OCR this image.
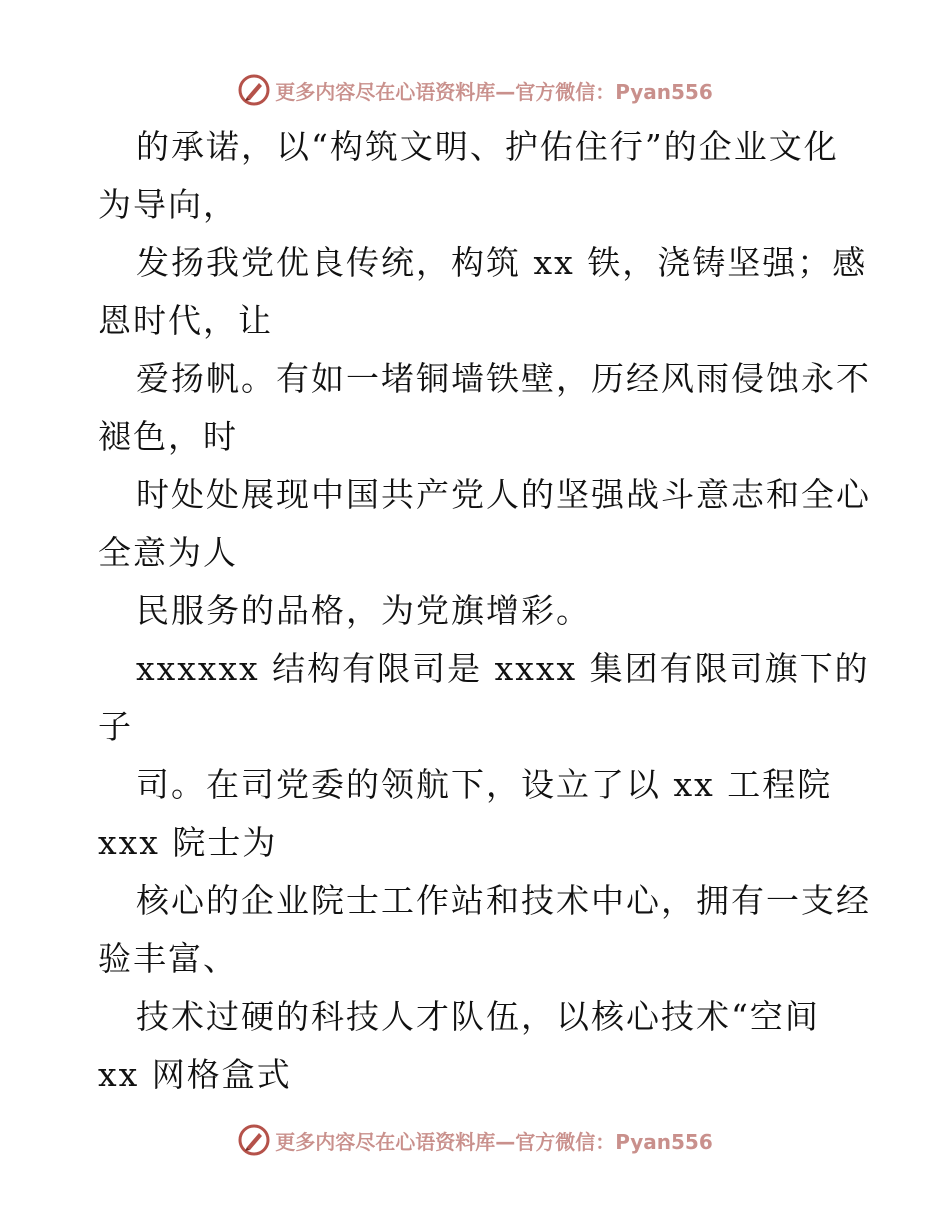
更多内容尽在心语资料库—官方微信：Pyan556
的承诺，以“构筑文明、护佑住行”的企业文化
为导向，
发扬我党优良传统，构筑 xx 铁，浇铸坚强；感
恩时代，让
爱扬帆。有如一堵铜墙铁壁，历经风雨侵蚀永不
褪色，时
时处处展现中国共产党人的坚强战斗意志和全心
全意为人
民服务的品格，为党旗增彩。
xxxxxx 结构有限司是 xxxx 集团有限司旗下的
子
司。在司党委的领航下，设立了以 xx 工程院
xxx 院士为
核心的企业院士工作站和技术中心，拥有一支经
验丰富、
技术过硬的科技人才队伍，以核心技术“空间
xx 网格盒式
更多内容尽在心语资料库—官方微信：Pyan556
